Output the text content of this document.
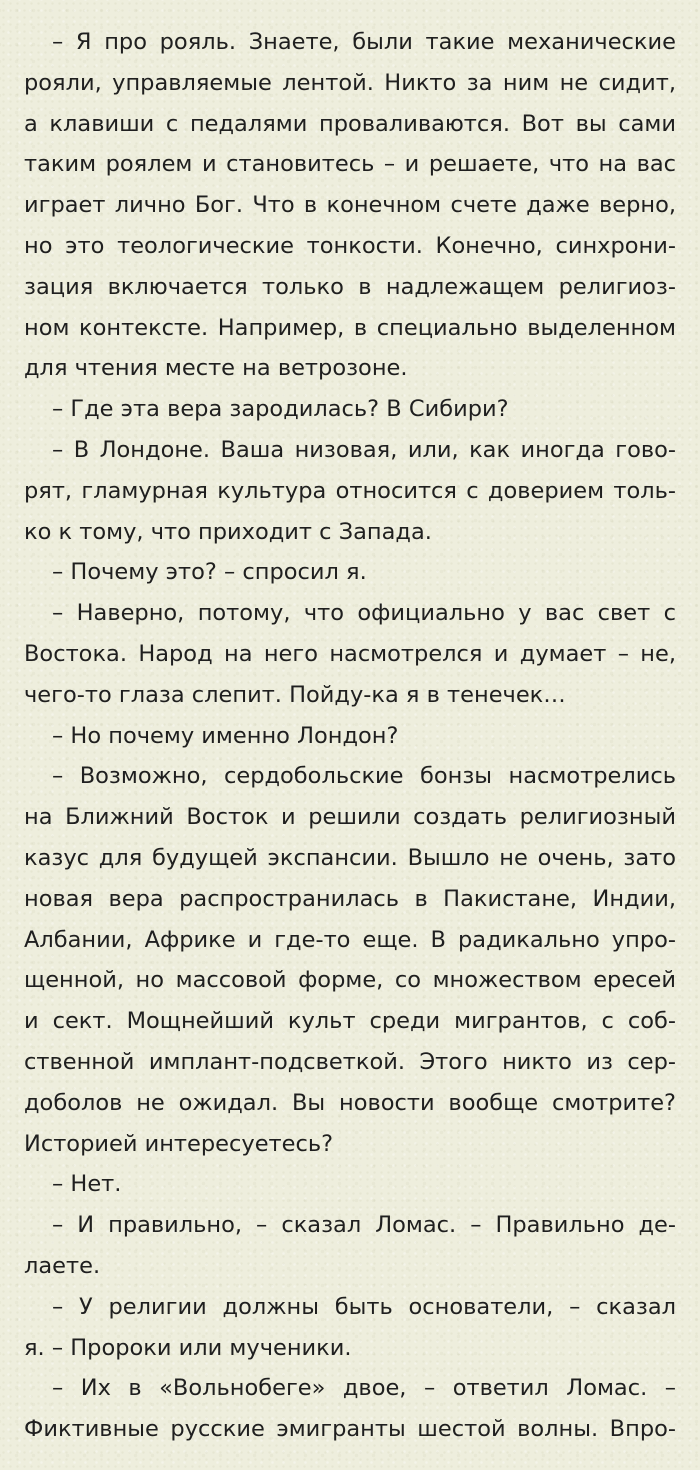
– Я про рояль. Знаете, были такие механические
рояли, управляемые лентой. Никто за ним не сидит,
а клавиши с педалями проваливаются. Вот вы сами
таким роялем и становитесь – и решаете, что на вас
играет лично Бог. Что в конечном счете даже верно,
но это теологические тонкости. Конечно, синхрони-
зация включается только в надлежащем религиоз-
ном контексте. Например, в специально выделенном
для чтения месте на ветрозоне.
– Где эта вера зародилась? В Сибири?
– В Лондоне. Ваша низовая, или, как иногда гово-
рят, гламурная культура относится с доверием толь-
ко к тому, что приходит с Запада.
– Почему это? – спросил я.
– Наверно, потому, что официально у вас свет с
Востока. Народ на него насмотрелся и думает – не,
чего-то глаза слепит. Пойду-ка я в тенечек…
– Но почему именно Лондон?
– Возможно, сердобольские бонзы насмотрелись
на Ближний Восток и решили создать религиозный
казус для будущей экспансии. Вышло не очень, зато
новая вера распространилась в Пакистане, Индии,
Албании, Африке и где-то еще. В радикально упро-
щенной, но массовой форме, со множеством ересей
и сект. Мощнейший культ среди мигрантов, с соб-
ственной имплант-подсветкой. Этого никто из сер-
доболов не ожидал. Вы новости вообще смотрите?
Историей интересуетесь?
– Нет.
– И правильно, – сказал Ломас. – Правильно де-
лаете.
– У религии должны быть основатели, – сказал
я. – Пророки или мученики.
– Их в «Вольнобеге» двое, – ответил Ломас. –
Фиктивные русские эмигранты шестой волны. Впро-
